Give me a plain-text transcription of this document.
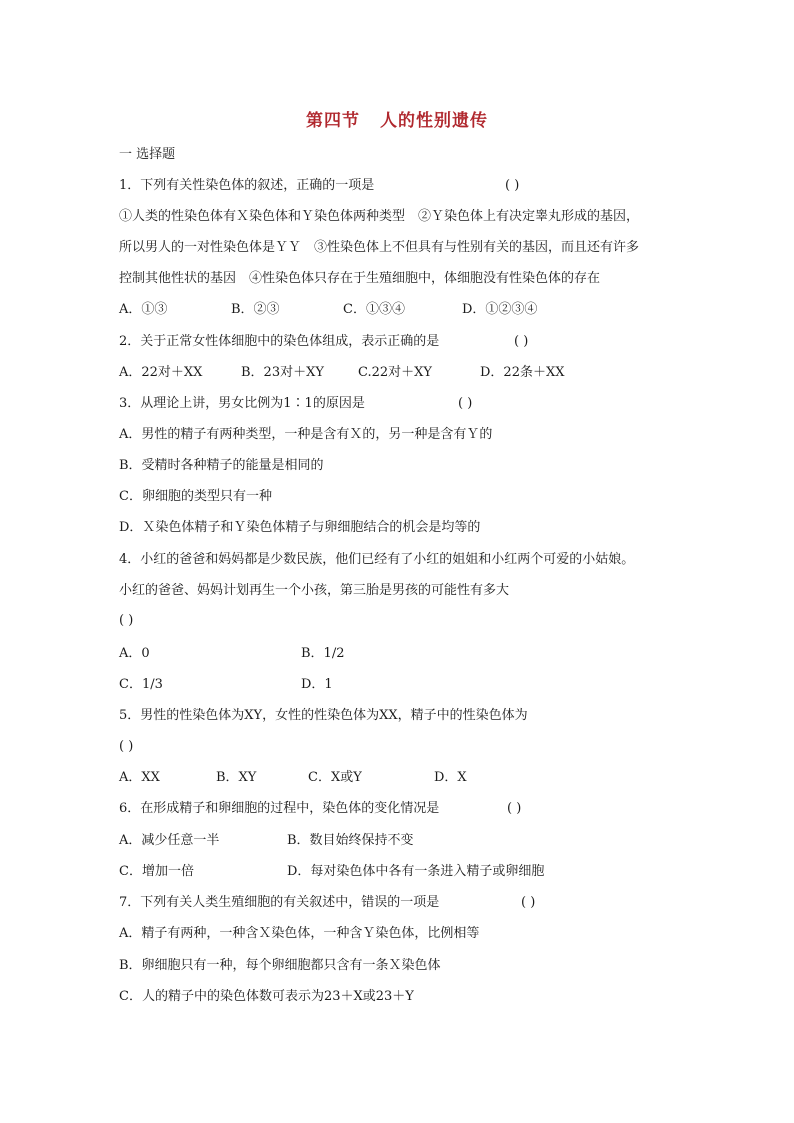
第四节 人的性别遗传
一 选择题
1．下列有关性染色体的叙述，正确的一项是	( )
①人类的性染色体有Ｘ染色体和Ｙ染色体两种类型　②Ｙ染色体上有决定睾丸形成的基因，
所以男人的一对性染色体是ＹＹ　③性染色体上不但具有与性别有关的基因，而且还有许多
控制其他性状的基因　④性染色体只存在于生殖细胞中，体细胞没有性染色体的存在
A．①③	B．②③	C．①③④	D．①②③④
2．关于正常女性体细胞中的染色体组成，表示正确的是	( )
A．22对＋XX	B．23对＋XY	C.22对＋XY	D．22条＋XX
3．从理论上讲，男女比例为1∶1的原因是	( )
A．男性的精子有两种类型，一种是含有Ｘ的，另一种是含有Ｙ的
B．受精时各种精子的能量是相同的
C．卵细胞的类型只有一种
D．Ｘ染色体精子和Ｙ染色体精子与卵细胞结合的机会是均等的
4．小红的爸爸和妈妈都是少数民族，他们已经有了小红的姐姐和小红两个可爱的小姑娘。
小红的爸爸、妈妈计划再生一个小孩，第三胎是男孩的可能性有多大
( )
A．0	B．1/2
C．1/3	D．1
5．男性的性染色体为XY，女性的性染色体为XX，精子中的性染色体为
( )
A．XX	B．XY	C．X或Y	D．X
6．在形成精子和卵细胞的过程中，染色体的变化情况是	( )
A．减少任意一半	B．数目始终保持不变
C．增加一倍	D．每对染色体中各有一条进入精子或卵细胞
7．下列有关人类生殖细胞的有关叙述中，错误的一项是	( )
A．精子有两种，一种含Ｘ染色体，一种含Ｙ染色体，比例相等
B．卵细胞只有一种，每个卵细胞都只含有一条Ｘ染色体
C．人的精子中的染色体数可表示为23＋X或23＋Y
